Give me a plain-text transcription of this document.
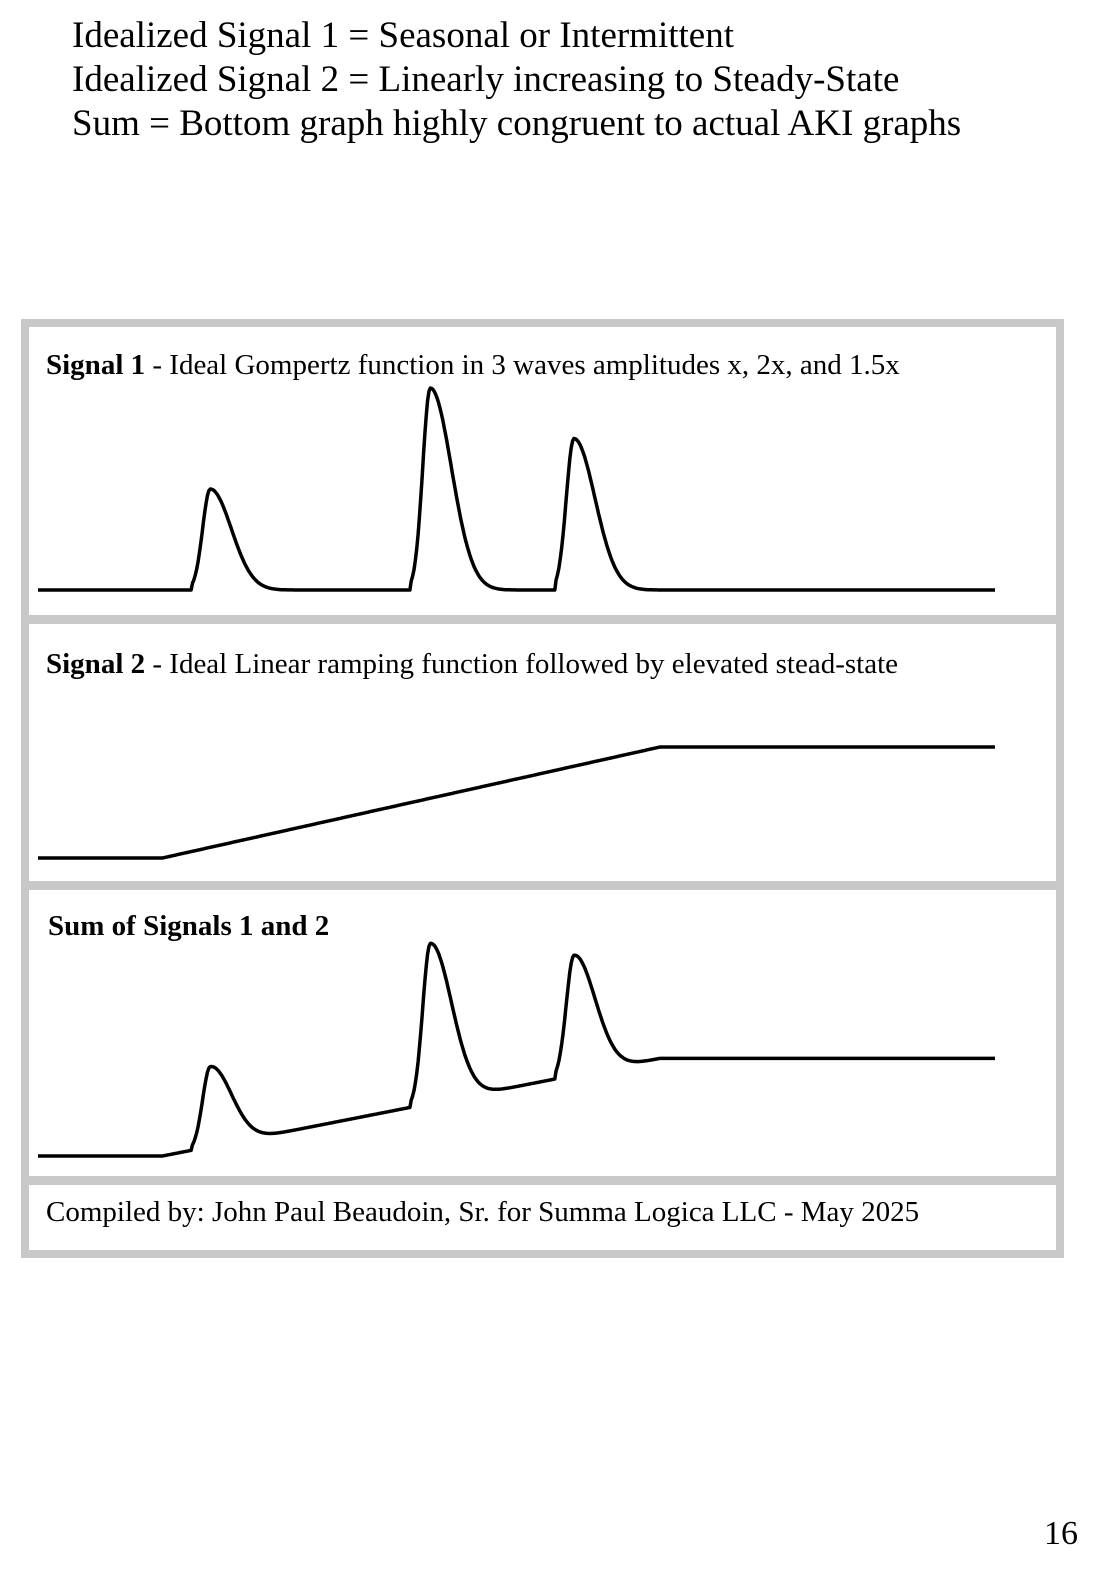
Idealized Signal 1 = Seasonal or Intermittent
Idealized Signal 2 = Linearly increasing to Steady-State
Sum = Bottom graph highly congruent to actual AKI graphs
Signal 1 - Ideal Gompertz function in 3 waves amplitudes x, 2x, and 1.5x
Signal 2 - Ideal Linear ramping function followed by elevated stead-state
Sum of Signals 1 and 2
Compiled by: John Paul Beaudoin, Sr. for Summa Logica LLC - May 2025
16
